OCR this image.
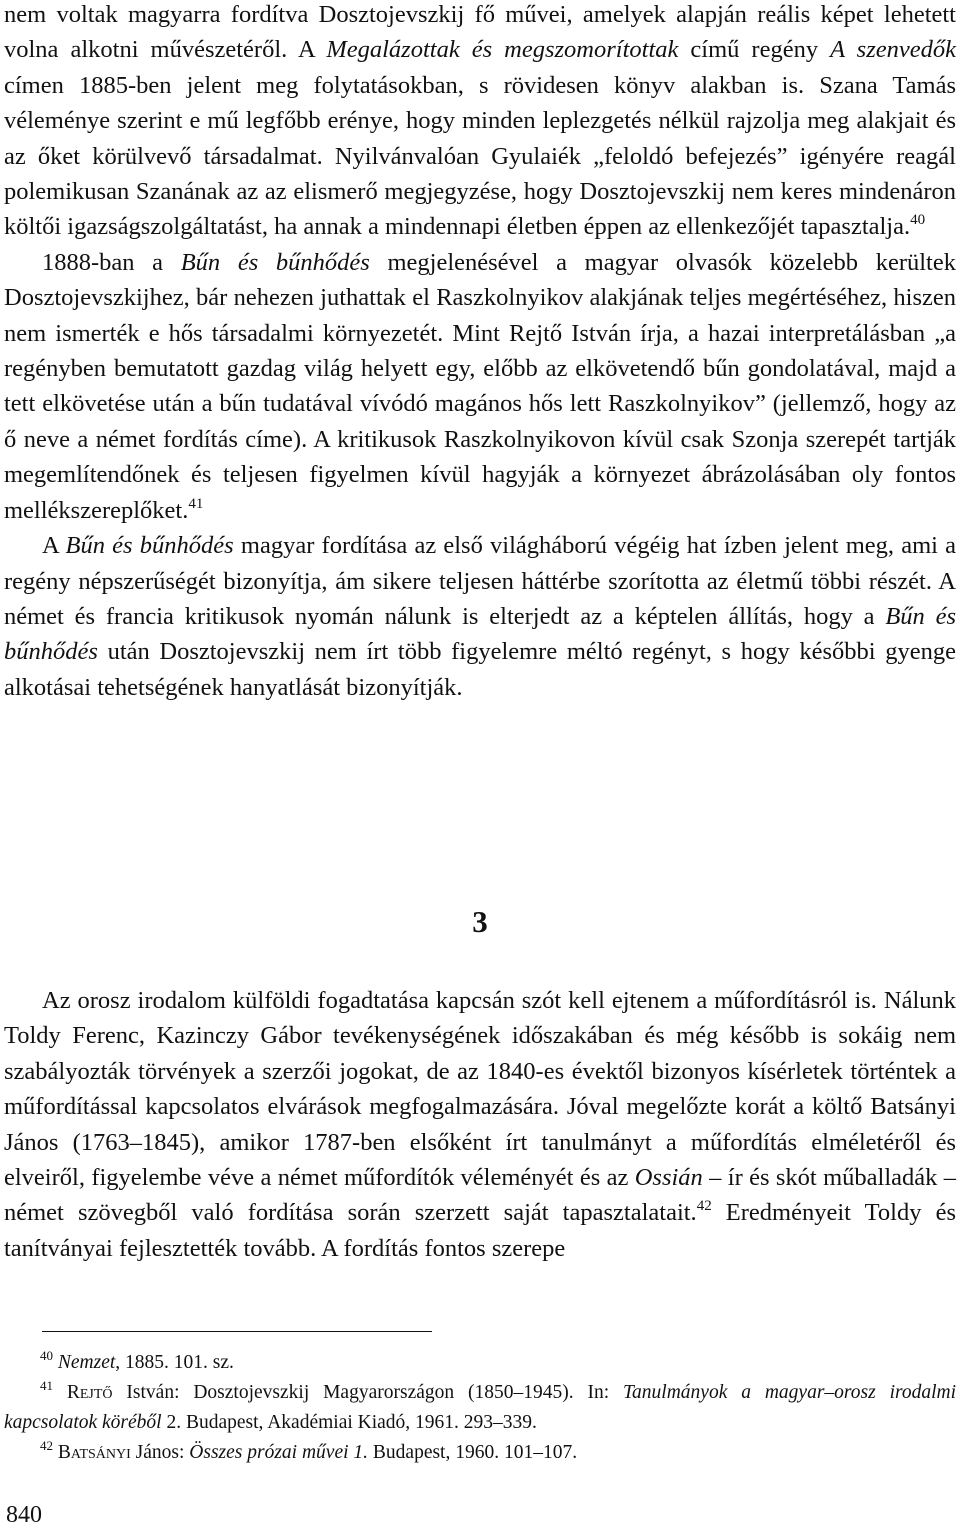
nem voltak magyarra fordítva Dosztojevszkij fő művei, amelyek alapján reális képet lehetett volna alkotni művészetéről. A Megalázottak és megszomorítottak című regény A szenvedők címen 1885-ben jelent meg folytatásokban, s rövidesen könyv alakban is. Szana Tamás véleménye szerint e mű legfőbb erénye, hogy minden leplezgetés nélkül rajzolja meg alakjait és az őket körülvevő társadalmat. Nyilvánvalóan Gyulaiék „feloldó befejezés” igényére reagál polemikusan Szanának az az elismerő megjegyzése, hogy Dosztojevszkij nem keres mindenáron költői igazságszolgáltatást, ha annak a mindennapi életben éppen az ellenkezőjét tapasztalja.$^{40}$

1888-ban a Bűn és bűnhődés megjelenésével a magyar olvasók közelebb kerültek Dosztojevszkijhez, bár nehezen juthattak el Raszkolnyikov alakjának teljes megértéséhez, hiszen nem ismerték e hős társadalmi környezetét. Mint Rejtő István írja, a hazai interpretálásban „a regényben bemutatott gazdag világ helyett egy, előbb az elkövetendő bűn gondolatával, majd a tett elkövetése után a bűn tudatával vívódó magános hős lett Raszkolnyikov” (jellemző, hogy az ő neve a német fordítás címe). A kritikusok Raszkolnyikovon kívül csak Szonja szerepét tartják megemlítendőnek és teljesen figyelmen kívül hagyják a környezet ábrázolásában oly fontos mellékszereplőket.$^{41}$

A Bűn és bűnhődés magyar fordítása az első világháború végéig hat ízben jelent meg, ami a regény népszerűségét bizonyítja, ám sikere teljesen háttérbe szorította az életmű többi részét. A német és francia kritikusok nyomán nálunk is elterjedt az a képtelen állítás, hogy a Bűn és bűnhődés után Dosztojevszkij nem írt több figyelemre méltó regényt, s hogy későbbi gyenge alkotásai tehetségének hanyatlását bizonyítják.

3

Az orosz irodalom külföldi fogadtatása kapcsán szót kell ejtenem a műfordításról is. Nálunk Toldy Ferenc, Kazinczy Gábor tevékenységének időszakában és még később is sokáig nem szabályozták törvények a szerzői jogokat, de az 1840-es évektől bizonyos kísérletek történtek a műfordítással kapcsolatos elvárások megfogalmazására. Jóval megelőzte korát a költő Batsányi János (1763–1845), amikor 1787-ben elsőként írt tanulmányt a műfordítás elméletéről és elveiről, figyelembe véve a német műfordítók véleményét és az Ossián – ír és skót műballadák – német szövegből való fordítása során szerzett saját tapasztalatait.$^{42}$ Eredményeit Toldy és tanítványai fejlesztették tovább. A fordítás fontos szerepe

$^{40}$ Nemzet, 1885. 101. sz.

$^{41}$ Rejtő István: Dosztojevszkij Magyarországon (1850–1945). In: Tanulmányok a magyar–orosz irodalmi kapcsolatok köréből 2. Budapest, Akadémiai Kiadó, 1961. 293–339.

$^{42}$ Batsányi János: Összes prózai művei 1. Budapest, 1960. 101–107.

840
